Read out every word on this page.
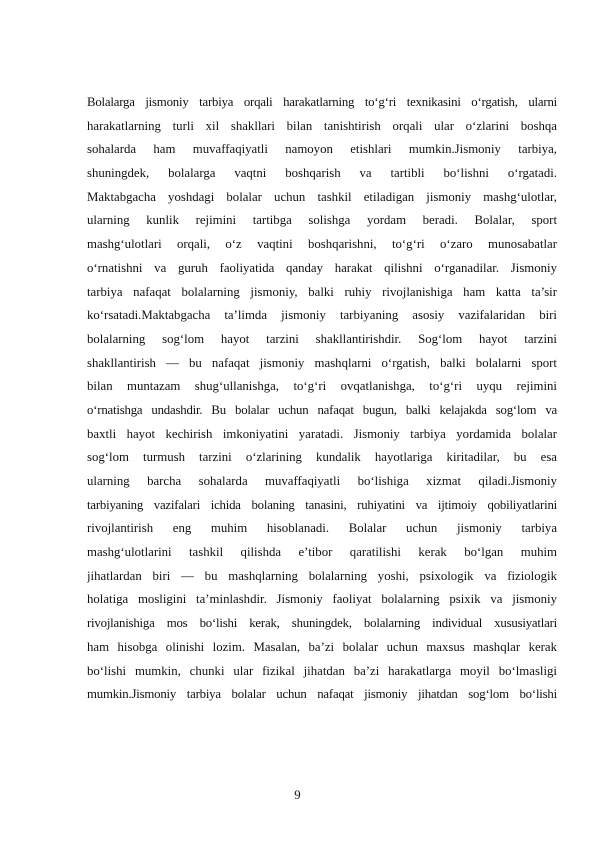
Bolalarga jismoniy tarbiya orqali harakatlarning to‘g‘ri texnikasini o‘rgatish, ularni
harakatlarning turli xil shakllari bilan tanishtirish orqali ular o‘zlarini boshqa
sohalarda ham muvaffaqiyatli namoyon etishlari mumkin.Jismoniy tarbiya,
shuningdek, bolalarga vaqtni boshqarish va tartibli bo‘lishni o‘rgatadi.
Maktabgacha yoshdagi bolalar uchun tashkil etiladigan jismoniy mashg‘ulotlar,
ularning kunlik rejimini tartibga solishga yordam beradi. Bolalar, sport
mashg‘ulotlari orqali, o‘z vaqtini boshqarishni, to‘g‘ri o‘zaro munosabatlar
o‘rnatishni va guruh faoliyatida qanday harakat qilishni o‘rganadilar. Jismoniy
tarbiya nafaqat bolalarning jismoniy, balki ruhiy rivojlanishiga ham katta ta’sir
ko‘rsatadi.Maktabgacha ta’limda jismoniy tarbiyaning asosiy vazifalaridan biri
bolalarning sog‘lom hayot tarzini shakllantirishdir. Sog‘lom hayot tarzini
shakllantirish — bu nafaqat jismoniy mashqlarni o‘rgatish, balki bolalarni sport
bilan muntazam shug‘ullanishga, to‘g‘ri ovqatlanishga, to‘g‘ri uyqu rejimini
o‘rnatishga undashdir. Bu bolalar uchun nafaqat bugun, balki kelajakda sog‘lom va
baxtli hayot kechirish imkoniyatini yaratadi. Jismoniy tarbiya yordamida bolalar
sog‘lom turmush tarzini o‘zlarining kundalik hayotlariga kiritadilar, bu esa
ularning barcha sohalarda muvaffaqiyatli bo‘lishiga xizmat qiladi.Jismoniy
tarbiyaning vazifalari ichida bolaning tanasini, ruhiyatini va ijtimoiy qobiliyatlarini
rivojlantirish eng muhim hisoblanadi. Bolalar uchun jismoniy tarbiya
mashg‘ulotlarini tashkil qilishda e’tibor qaratilishi kerak bo‘lgan muhim
jihatlardan biri — bu mashqlarning bolalarning yoshi, psixologik va fiziologik
holatiga mosligini ta’minlashdir. Jismoniy faoliyat bolalarning psixik va jismoniy
rivojlanishiga mos bo‘lishi kerak, shuningdek, bolalarning individual xususiyatlari
ham hisobga olinishi lozim. Masalan, ba’zi bolalar uchun maxsus mashqlar kerak
bo‘lishi mumkin, chunki ular fizikal jihatdan ba’zi harakatlarga moyil bo‘lmasligi
mumkin.Jismoniy tarbiya bolalar uchun nafaqat jismoniy jihatdan sog‘lom bo‘lishi
9
